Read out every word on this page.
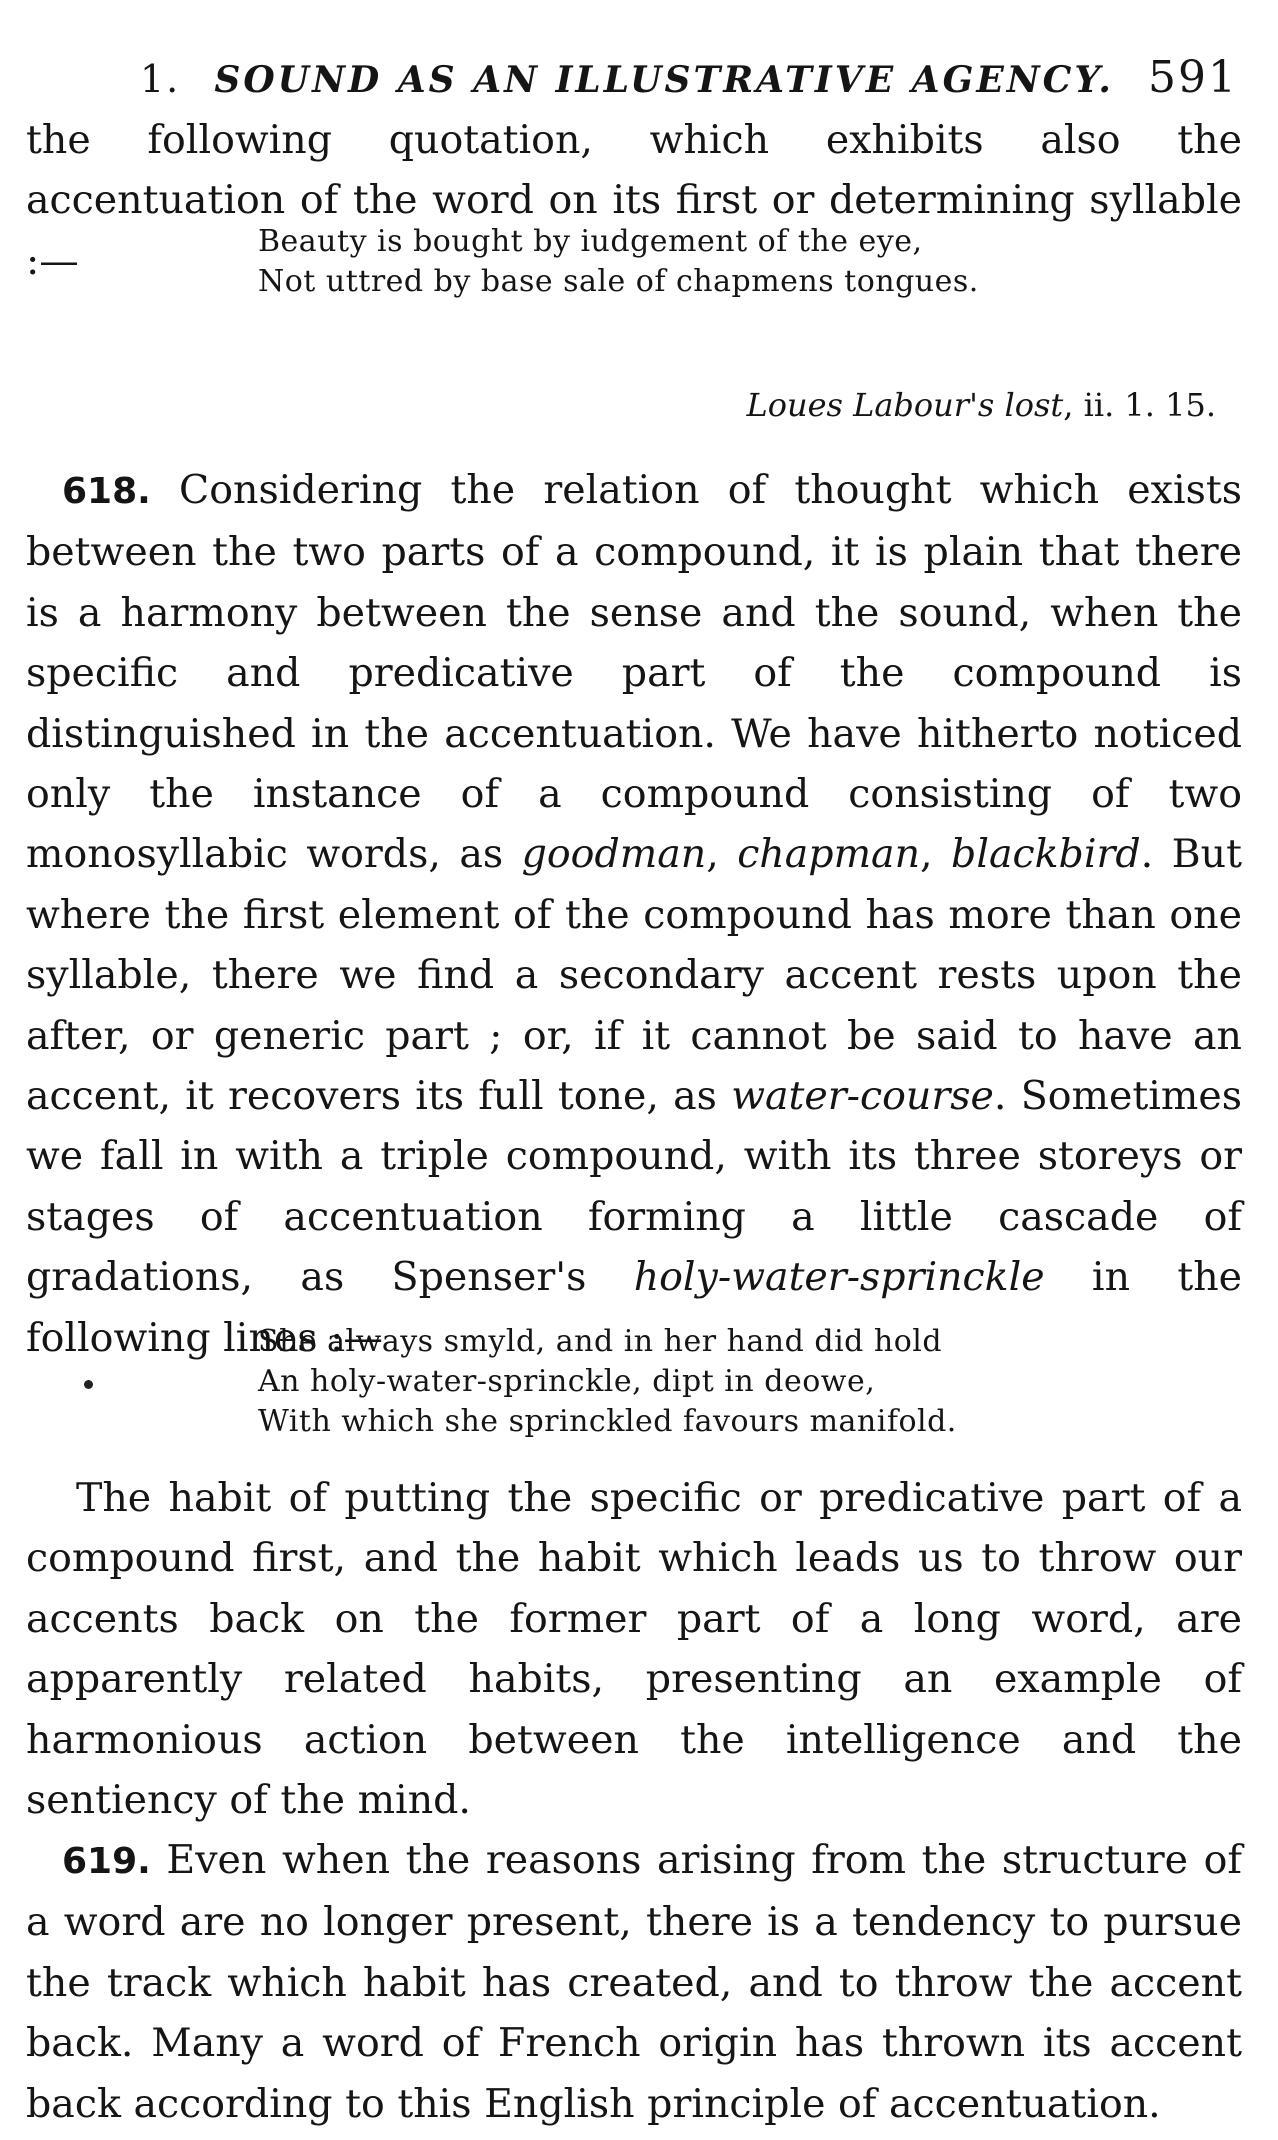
1. SOUND AS AN ILLUSTRATIVE AGENCY. 591

the following quotation, which exhibits also the accentuation of the word on its first or determining syllable :—	Beauty is bought by iudgement of the eye,
Not uttred by base sale of chapmens tongues.
Loues Labour's lost, ii. 1. 15.

618. Considering the relation of thought which exists between the two parts of a compound, it is plain that there is a harmony between the sense and the sound, when the specific and predicative part of the compound is distinguished in the accentuation. We have hitherto noticed only the instance of a compound consisting of two monosyllabic words, as goodman, chapman, blackbird. But where the first element of the compound has more than one syllable, there we find a secondary accent rests upon the after, or generic part ; or, if it cannot be said to have an accent, it recovers its full tone, as water-course. Sometimes we fall in with a triple compound, with its three storeys or stages of accentuation forming a little cascade of gradations, as Spenser's holy-water-sprinckle in the following lines :—

She always smyld, and in her hand did hold
An holy-water-sprinckle, dipt in deowe,
With which she sprinckled favours manifold.

The habit of putting the specific or predicative part of a compound first, and the habit which leads us to throw our accents back on the former part of a long word, are apparently related habits, presenting an example of harmonious action between the intelligence and the sentiency of the mind.

619. Even when the reasons arising from the structure of a word are no longer present, there is a tendency to pursue the track which habit has created, and to throw the accent back. Many a word of French origin has thrown its accent back according to this English principle of accentuation.
